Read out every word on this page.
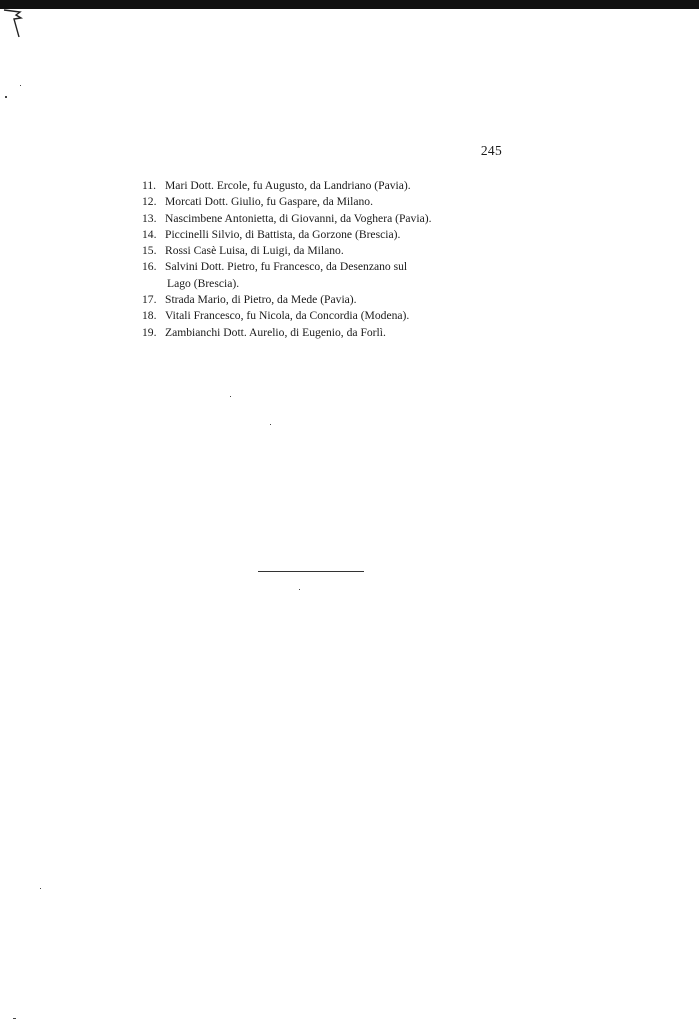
245
11. Mari Dott. Ercole, fu Augusto, da Landriano (Pavia).
12. Morcati Dott. Giulio, fu Gaspare, da Milano.
13. Nascimbene Antonietta, di Giovanni, da Voghera (Pavia).
14. Piccinelli Silvio, di Battista, da Gorzone (Brescia).
15. Rossi Casè Luisa, di Luigi, da Milano.
16. Salvini Dott. Pietro, fu Francesco, da Desenzano sul
Lago (Brescia).
17. Strada Mario, di Pietro, da Mede (Pavia).
18. Vitali Francesco, fu Nicola, da Concordia (Modena).
19. Zambianchi Dott. Aurelio, di Eugenio, da Forlì.
